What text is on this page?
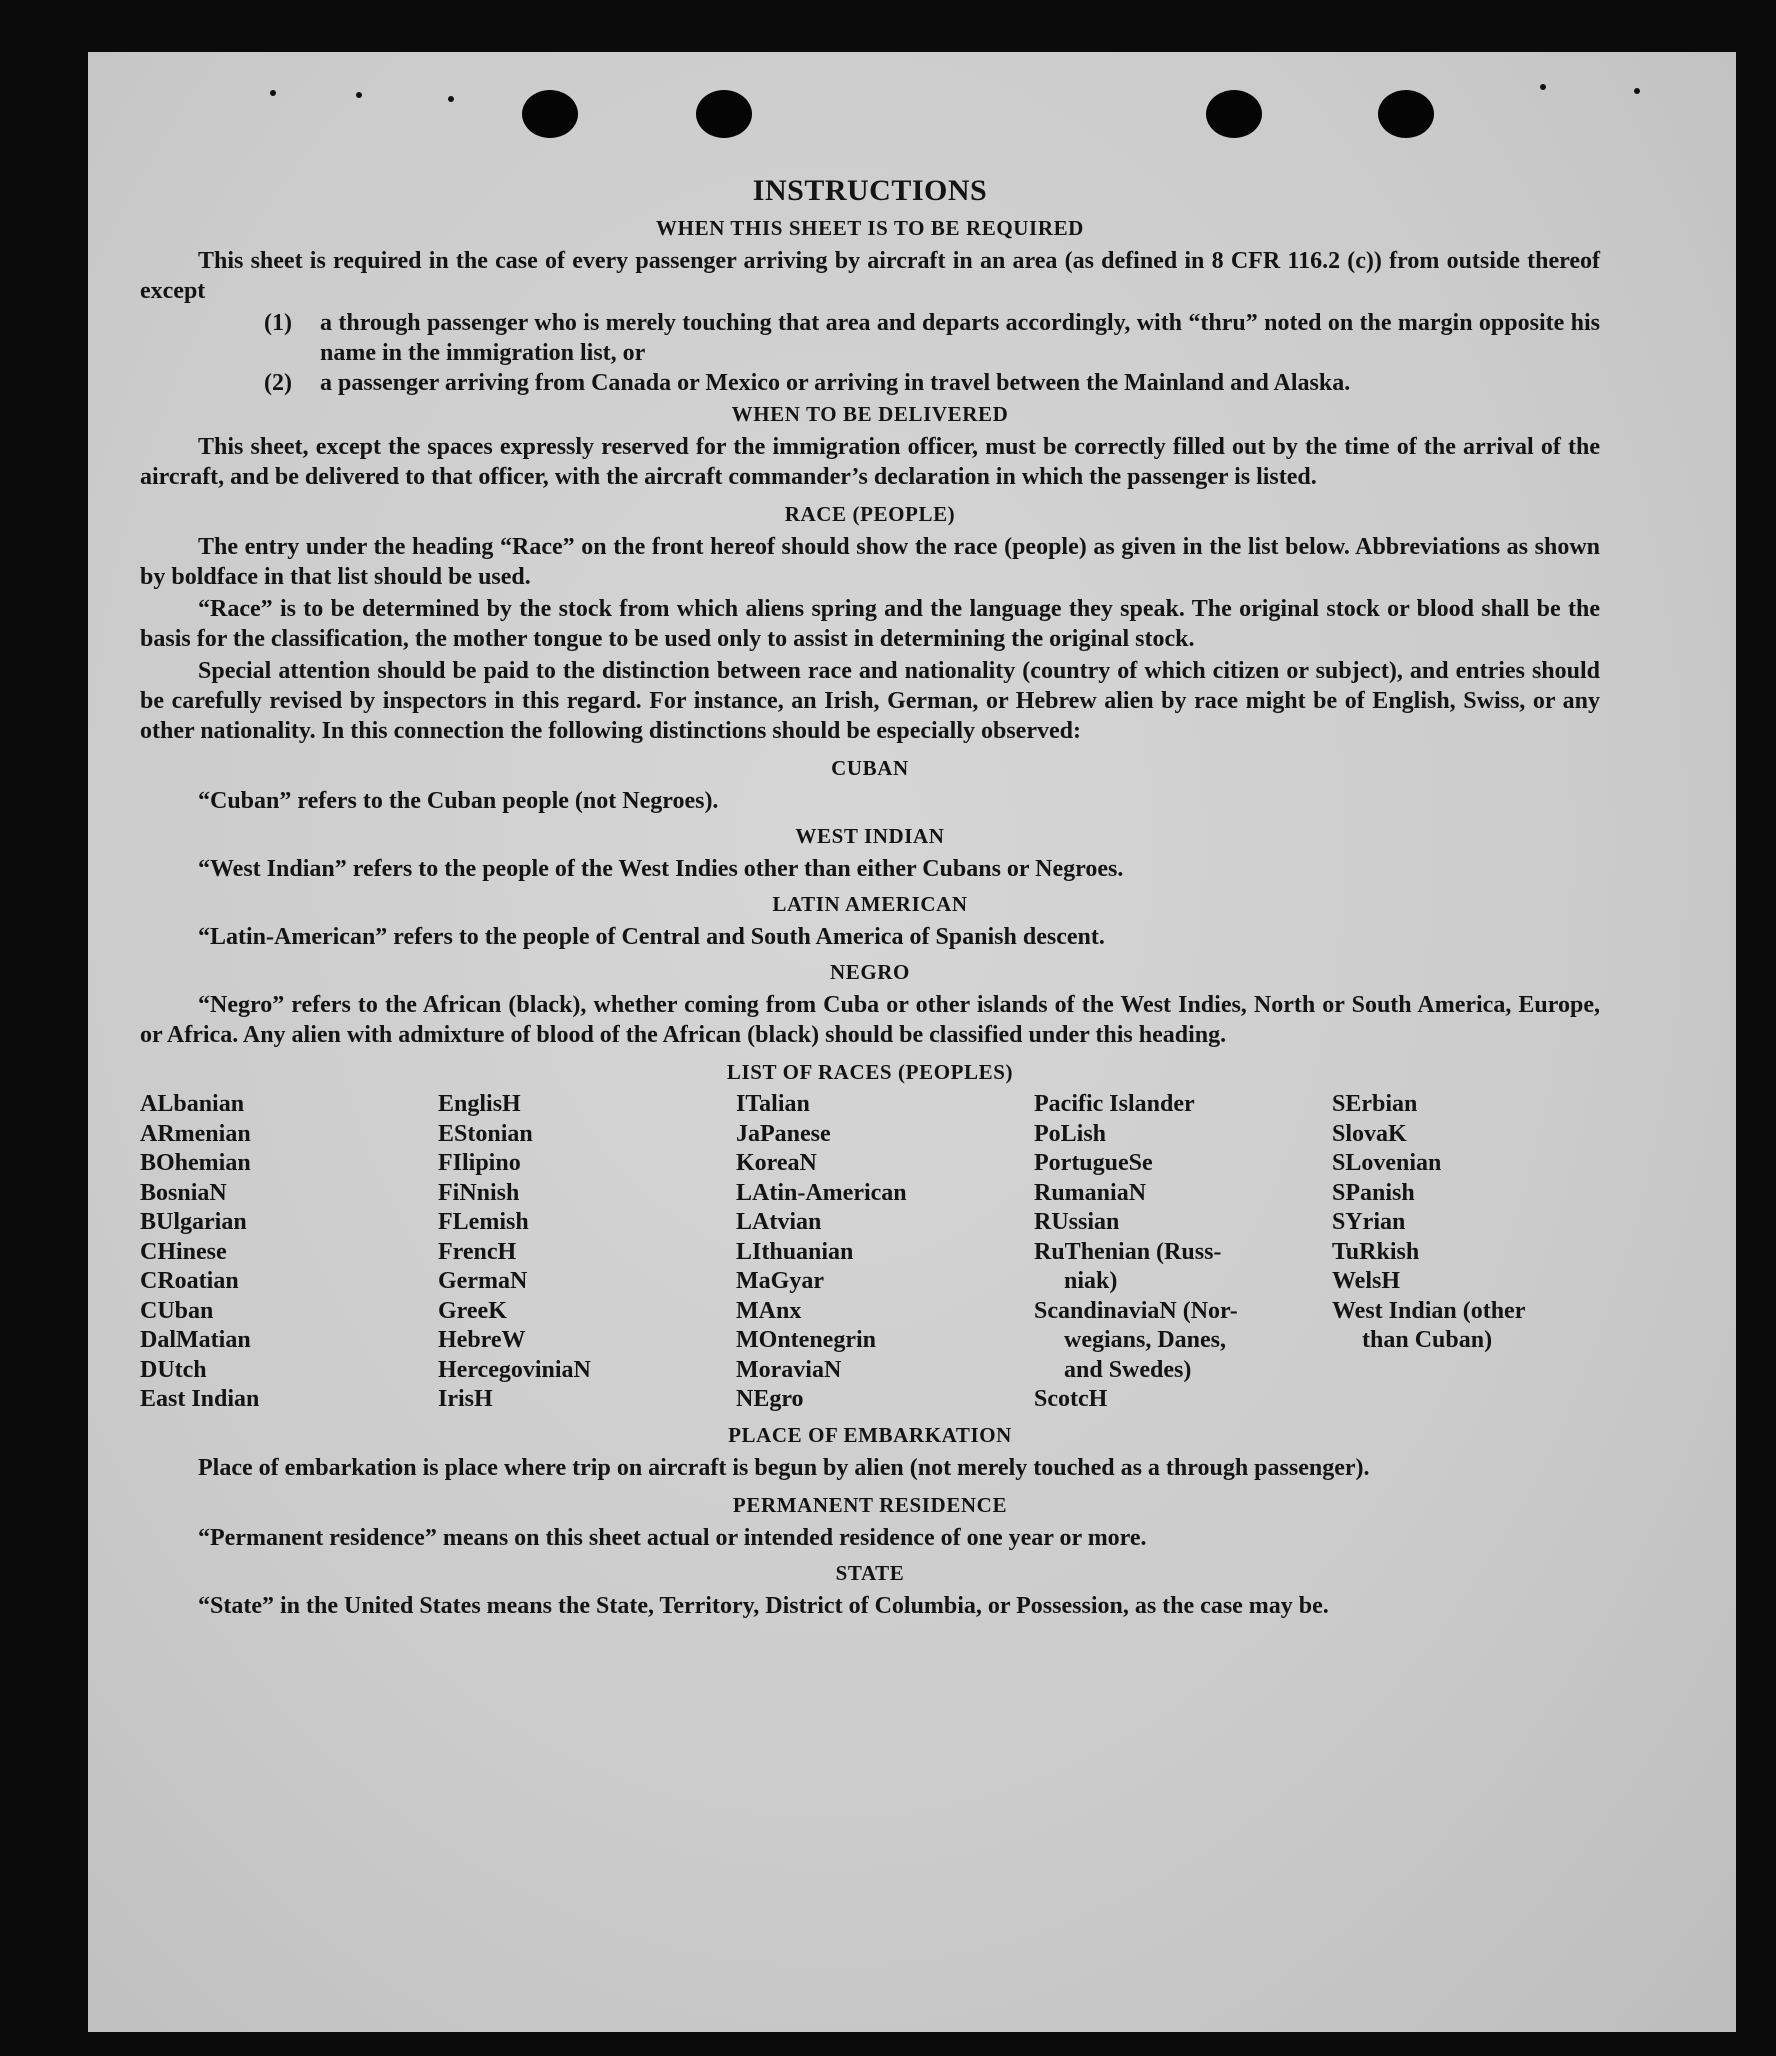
INSTRUCTIONS
WHEN THIS SHEET IS TO BE REQUIRED
This sheet is required in the case of every passenger arriving by aircraft in an area (as defined in 8 CFR 116.2 (c)) from outside thereof except
(1)	a through passenger who is merely touching that area and departs accordingly, with “thru” noted on the margin opposite his name in the immigration list, or
(2)	a passenger arriving from Canada or Mexico or arriving in travel between the Mainland and Alaska.
WHEN TO BE DELIVERED
This sheet, except the spaces expressly reserved for the immigration officer, must be correctly filled out by the time of the arrival of the aircraft, and be delivered to that officer, with the aircraft commander’s declaration in which the passenger is listed.
RACE (PEOPLE)
The entry under the heading “Race” on the front hereof should show the race (people) as given in the list below. Abbreviations as shown by boldface in that list should be used.
“Race” is to be determined by the stock from which aliens spring and the language they speak. The original stock or blood shall be the basis for the classification, the mother tongue to be used only to assist in determining the original stock.
Special attention should be paid to the distinction between race and nationality (country of which citizen or subject), and entries should be carefully revised by inspectors in this regard. For instance, an Irish, German, or Hebrew alien by race might be of English, Swiss, or any other nationality. In this connection the following distinctions should be especially observed:
CUBAN
“Cuban” refers to the Cuban people (not Negroes).
WEST INDIAN
“West Indian” refers to the people of the West Indies other than either Cubans or Negroes.
LATIN AMERICAN
“Latin-American” refers to the people of Central and South America of Spanish descent.
NEGRO
“Negro” refers to the African (black), whether coming from Cuba or other islands of the West Indies, North or South America, Europe, or Africa. Any alien with admixture of blood of the African (black) should be classified under this heading.
LIST OF RACES (PEOPLES)
ALbanian
ARmenian
BOhemian
BosniaN
BUlgarian
CHinese
CRoatian
CUban
DalMatian
DUtch
East Indian
EnglisH
EStonian
FIlipino
FiNnish
FLemish
FrencH
GermaN
GreeK
HebreW
HercegoviniaN
IrisH
ITalian
JaPanese
KoreaN
LAtin-American
LAtvian
LIthuanian
MaGyar
MAnx
MOntenegrin
MoraviaN
NEgro
Pacific Islander
PoLish
PortugueSe
RumaniaN
RUssian
RuThenian (Russ-
niak)
ScandinaviaN (Nor-
wegians, Danes,
and Swedes)
ScotcH
SErbian
SlovaK
SLovenian
SPanish
SYrian
TuRkish
WelsH
West Indian (other
than Cuban)
PLACE OF EMBARKATION
Place of embarkation is place where trip on aircraft is begun by alien (not merely touched as a through passenger).
PERMANENT RESIDENCE
“Permanent residence” means on this sheet actual or intended residence of one year or more.
STATE
“State” in the United States means the State, Territory, District of Columbia, or Possession, as the case may be.
